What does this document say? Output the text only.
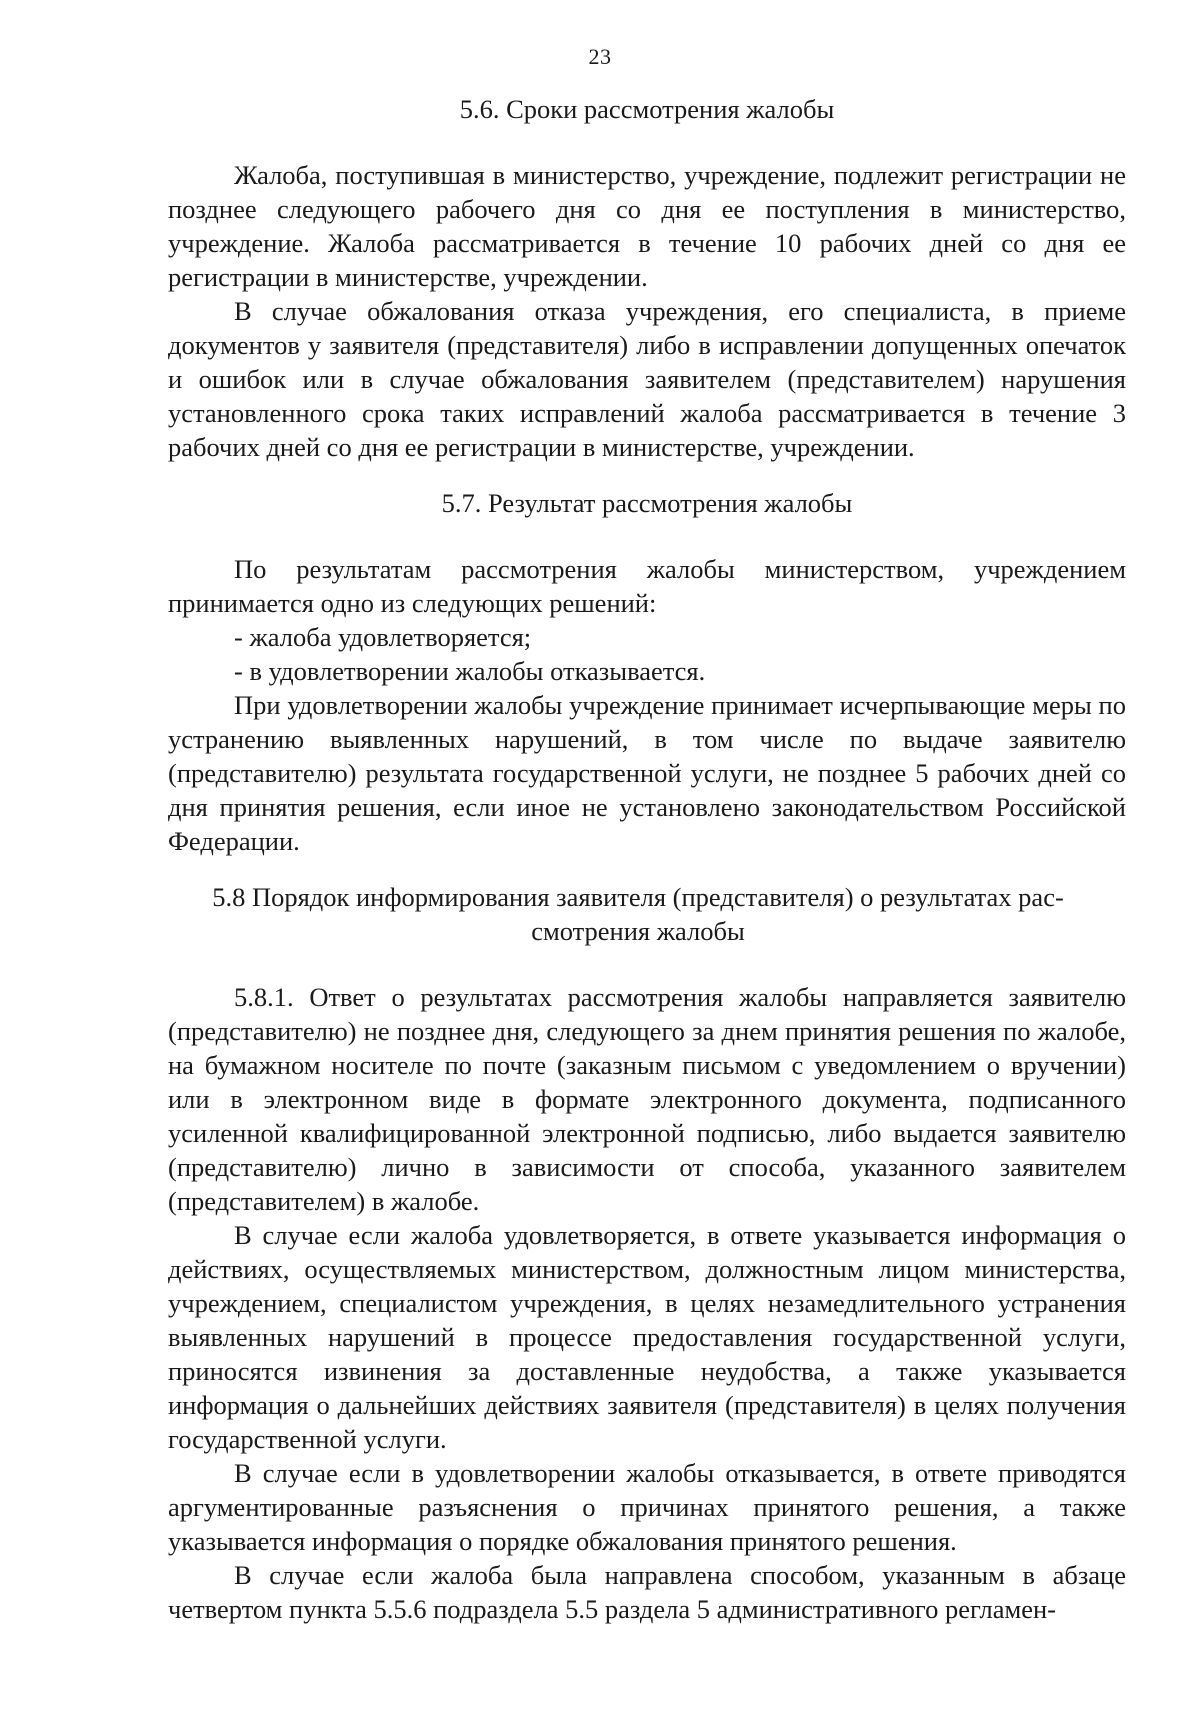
23
5.6. Сроки рассмотрения жалобы

Жалоба, поступившая в министерство, учреждение, подлежит регистрации не позднее следующего рабочего дня со дня ее поступления в министерство, учреждение. Жалоба рассматривается в течение 10 рабочих дней со дня ее регистрации в министерстве, учреждении.

В случае обжалования отказа учреждения, его специалиста, в приеме документов у заявителя (представителя) либо в исправлении допущенных опечаток и ошибок или в случае обжалования заявителем (представителем) нарушения установленного срока таких исправлений жалоба рассматривается в течение 3 рабочих дней со дня ее регистрации в министерстве, учреждении.

5.7. Результат рассмотрения жалобы

По результатам рассмотрения жалобы министерством, учреждением принимается одно из следующих решений:

- жалоба удовлетворяется;

- в удовлетворении жалобы отказывается.

При удовлетворении жалобы учреждение принимает исчерпывающие меры по устранению выявленных нарушений, в том числе по выдаче заявителю (представителю) результата государственной услуги, не позднее 5 рабочих дней со дня принятия решения, если иное не установлено законодательством Российской Федерации.

5.8 Порядок информирования заявителя (представителя) о результатах рас-
смотрения жалобы

5.8.1. Ответ о результатах рассмотрения жалобы направляется заявителю (представителю) не позднее дня, следующего за днем принятия решения по жалобе, на бумажном носителе по почте (заказным письмом с уведомлением о вручении) или в электронном виде в формате электронного документа, подписанного усиленной квалифицированной электронной подписью, либо выдается заявителю (представителю) лично в зависимости от способа, указанного заявителем (представителем) в жалобе.

В случае если жалоба удовлетворяется, в ответе указывается информация о действиях, осуществляемых министерством, должностным лицом министерства, учреждением, специалистом учреждения, в целях незамедлительного устранения выявленных нарушений в процессе предоставления государственной услуги, приносятся извинения за доставленные неудобства, а также указывается информация о дальнейших действиях заявителя (представителя) в целях получения государственной услуги.

В случае если в удовлетворении жалобы отказывается, в ответе приводятся аргументированные разъяснения о причинах принятого решения, а также указывается информация о порядке обжалования принятого решения.

В случае если жалоба была направлена способом, указанным в абзаце четвертом пункта 5.5.6 подраздела 5.5 раздела 5 административного регламен-
